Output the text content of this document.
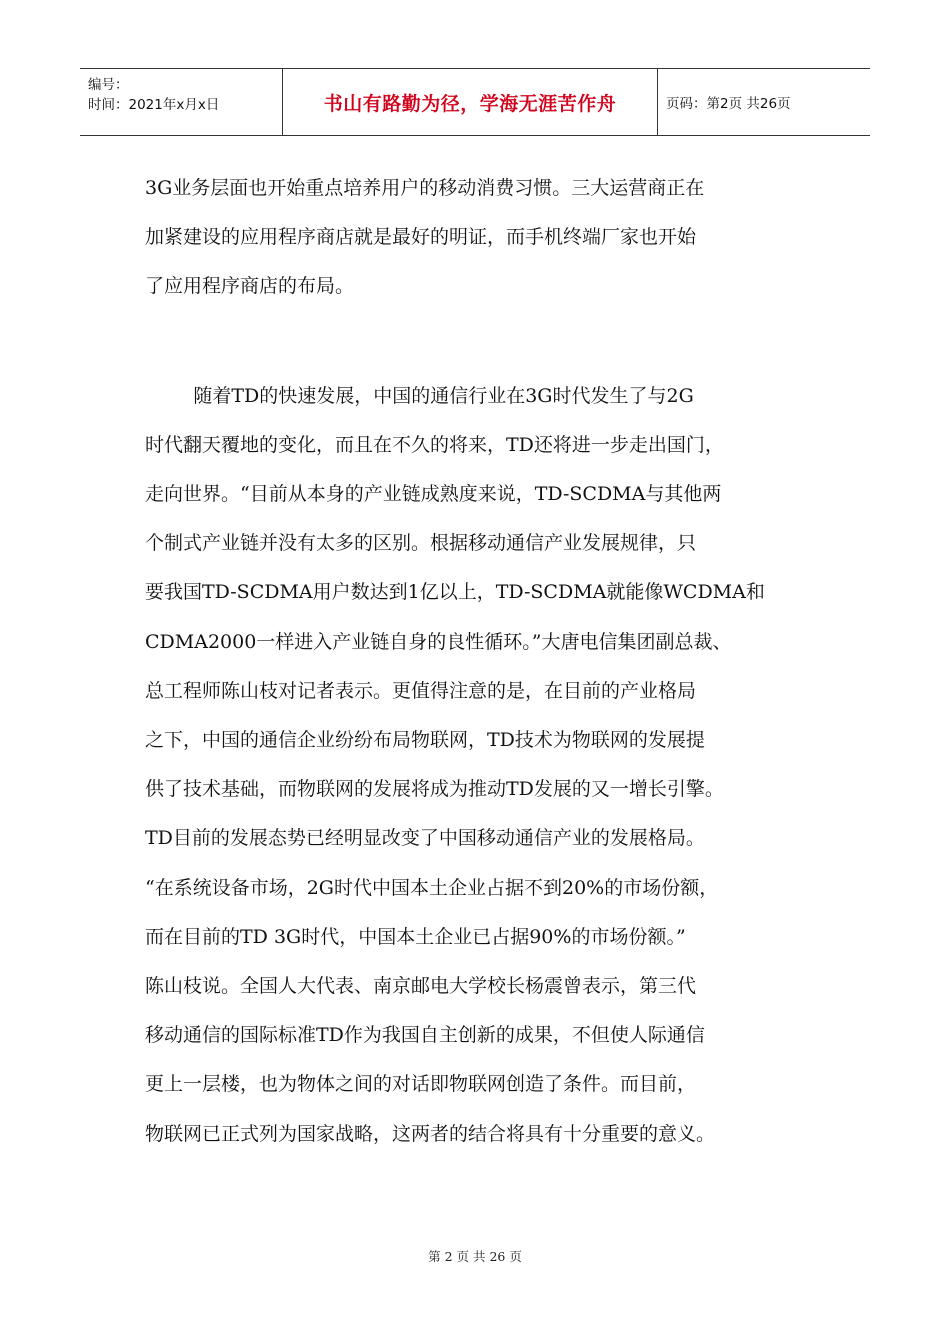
编号：
时间：2021年x月x日	书山有路勤为径，学海无涯苦作舟	页码：第2页 共26页

3G业务层面也开始重点培养用户的移动消费习惯。三大运营商正在

加紧建设的应用程序商店就是最好的明证，而手机终端厂家也开始

了应用程序商店的布局。

随着TD的快速发展，中国的通信行业在3G时代发生了与2G

时代翻天覆地的变化，而且在不久的将来，TD还将进一步走出国门，

走向世界。“目前从本身的产业链成熟度来说，TD-SCDMA与其他两

个制式产业链并没有太多的区别。根据移动通信产业发展规律，只

要我国TD-SCDMA用户数达到1亿以上，TD-SCDMA就能像WCDMA和

CDMA2000一样进入产业链自身的良性循环。”大唐电信集团副总裁、

总工程师陈山枝对记者表示。更值得注意的是，在目前的产业格局

之下，中国的通信企业纷纷布局物联网，TD技术为物联网的发展提

供了技术基础，而物联网的发展将成为推动TD发展的又一增长引擎。

TD目前的发展态势已经明显改变了中国移动通信产业的发展格局。

“在系统设备市场，2G时代中国本土企业占据不到20%的市场份额，

而在目前的TD 3G时代，中国本土企业已占据90%的市场份额。”

陈山枝说。全国人大代表、南京邮电大学校长杨震曾表示，第三代

移动通信的国际标准TD作为我国自主创新的成果，不但使人际通信

更上一层楼，也为物体之间的对话即物联网创造了条件。而目前，

物联网已正式列为国家战略，这两者的结合将具有十分重要的意义。

第 2 页 共 26 页
